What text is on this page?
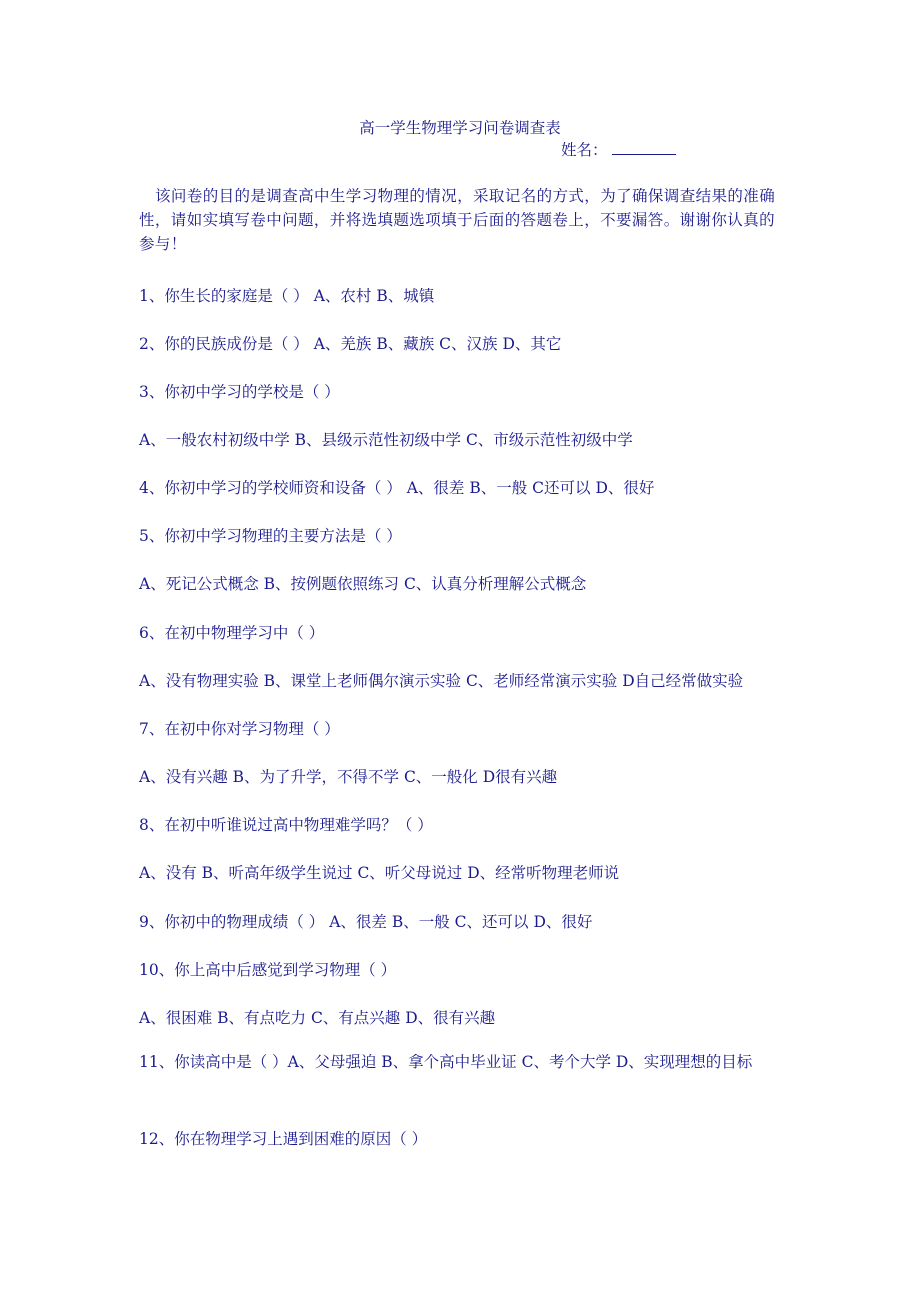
高一学生物理学习问卷调查表
姓名：
该问卷的目的是调查高中生学习物理的情况，采取记名的方式，为了确保调查结果的准确性，请如实填写卷中问题，并将选填题选项填于后面的答题卷上，不要漏答。谢谢你认真的参与！
1、你生长的家庭是（ ） A、农村 B、城镇
2、你的民族成份是（ ） A、羌族 B、藏族 C、汉族 D、其它
3、你初中学习的学校是（ ）
A、一般农村初级中学 B、县级示范性初级中学 C、市级示范性初级中学
4、你初中学习的学校师资和设备（ ） A、很差 B、一般 C还可以 D、很好
5、你初中学习物理的主要方法是（ ）
A、死记公式概念 B、按例题依照练习 C、认真分析理解公式概念
6、在初中物理学习中（ ）
A、没有物理实验 B、课堂上老师偶尔演示实验 C、老师经常演示实验 D自己经常做实验
7、在初中你对学习物理（ ）
A、没有兴趣 B、为了升学，不得不学 C、一般化 D很有兴趣
8、在初中听谁说过高中物理难学吗？（ ）
A、没有 B、听高年级学生说过 C、听父母说过 D、经常听物理老师说
9、你初中的物理成绩（ ） A、很差 B、一般 C、还可以 D、很好
10、你上高中后感觉到学习物理（ ）
A、很困难 B、有点吃力 C、有点兴趣 D、很有兴趣
11、你读高中是（ ）A、父母强迫 B、拿个高中毕业证 C、考个大学 D、实现理想的目标
12、你在物理学习上遇到困难的原因（ ）
